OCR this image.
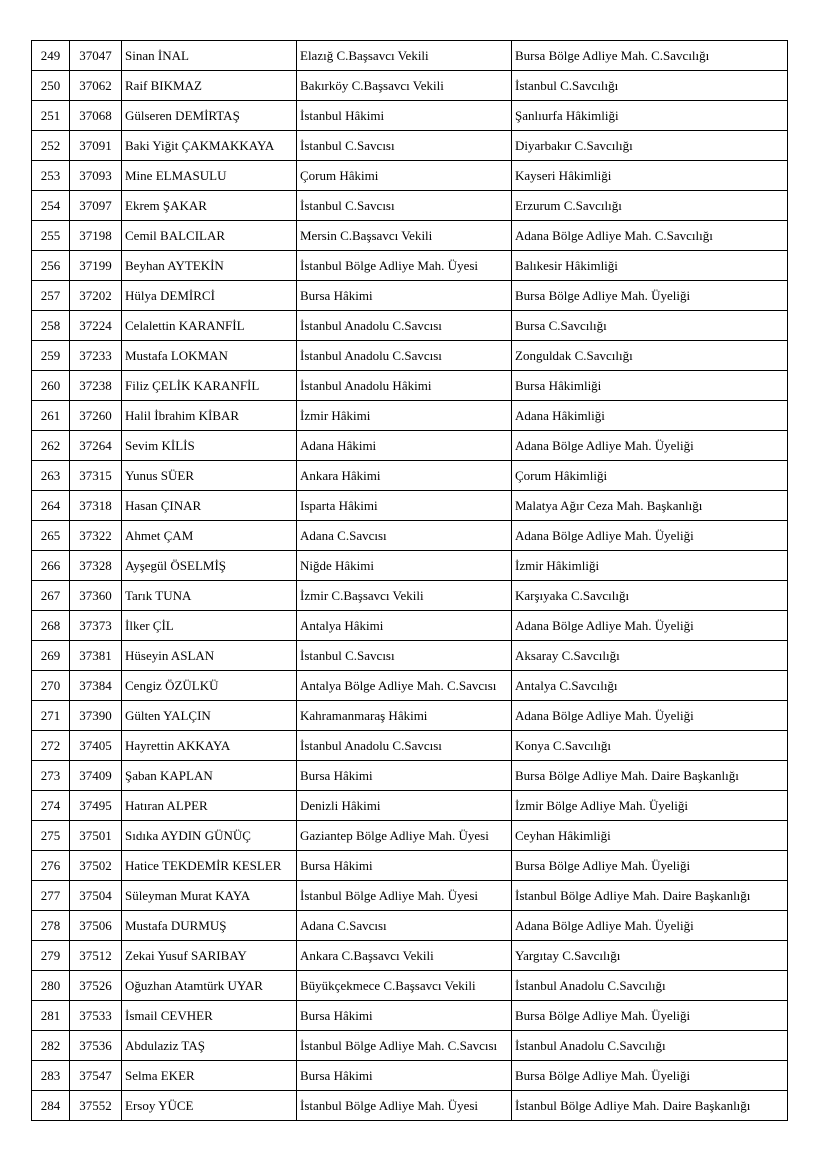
249	37047	Sinan İNAL	Elazığ C.Başsavcı Vekili	Bursa Bölge Adliye Mah. C.Savcılığı
250	37062	Raif BIKMAZ	Bakırköy C.Başsavcı Vekili	İstanbul C.Savcılığı
251	37068	Gülseren DEMİRTAŞ	İstanbul Hâkimi	Şanlıurfa Hâkimliği
252	37091	Baki Yiğit ÇAKMAKKAYA	İstanbul C.Savcısı	Diyarbakır C.Savcılığı
253	37093	Mine ELMASULU	Çorum Hâkimi	Kayseri Hâkimliği
254	37097	Ekrem ŞAKAR	İstanbul C.Savcısı	Erzurum C.Savcılığı
255	37198	Cemil BALCILAR	Mersin C.Başsavcı Vekili	Adana Bölge Adliye Mah. C.Savcılığı
256	37199	Beyhan AYTEKİN	İstanbul Bölge Adliye Mah. Üyesi	Balıkesir Hâkimliği
257	37202	Hülya DEMİRCİ	Bursa Hâkimi	Bursa Bölge Adliye Mah. Üyeliği
258	37224	Celalettin KARANFİL	İstanbul Anadolu C.Savcısı	Bursa C.Savcılığı
259	37233	Mustafa LOKMAN	İstanbul Anadolu C.Savcısı	Zonguldak C.Savcılığı
260	37238	Filiz ÇELİK KARANFİL	İstanbul Anadolu Hâkimi	Bursa Hâkimliği
261	37260	Halil İbrahim KİBAR	İzmir Hâkimi	Adana Hâkimliği
262	37264	Sevim KİLİS	Adana Hâkimi	Adana Bölge Adliye Mah. Üyeliği
263	37315	Yunus SÜER	Ankara Hâkimi	Çorum Hâkimliği
264	37318	Hasan ÇINAR	Isparta Hâkimi	Malatya Ağır Ceza Mah. Başkanlığı
265	37322	Ahmet ÇAM	Adana C.Savcısı	Adana Bölge Adliye Mah. Üyeliği
266	37328	Ayşegül ÖSELMİŞ	Niğde Hâkimi	İzmir Hâkimliği
267	37360	Tarık TUNA	İzmir C.Başsavcı Vekili	Karşıyaka C.Savcılığı
268	37373	İlker ÇİL	Antalya Hâkimi	Adana Bölge Adliye Mah. Üyeliği
269	37381	Hüseyin ASLAN	İstanbul C.Savcısı	Aksaray C.Savcılığı
270	37384	Cengiz ÖZÜLKÜ	Antalya Bölge Adliye Mah. C.Savcısı	Antalya C.Savcılığı
271	37390	Gülten YALÇIN	Kahramanmaraş Hâkimi	Adana Bölge Adliye Mah. Üyeliği
272	37405	Hayrettin AKKAYA	İstanbul Anadolu C.Savcısı	Konya C.Savcılığı
273	37409	Şaban KAPLAN	Bursa Hâkimi	Bursa Bölge Adliye Mah. Daire Başkanlığı
274	37495	Hatıran ALPER	Denizli Hâkimi	İzmir Bölge Adliye Mah. Üyeliği
275	37501	Sıdıka AYDIN GÜNÜÇ	Gaziantep Bölge Adliye Mah. Üyesi	Ceyhan Hâkimliği
276	37502	Hatice TEKDEMİR KESLER	Bursa Hâkimi	Bursa Bölge Adliye Mah. Üyeliği
277	37504	Süleyman Murat KAYA	İstanbul Bölge Adliye Mah. Üyesi	İstanbul Bölge Adliye Mah. Daire Başkanlığı
278	37506	Mustafa DURMUŞ	Adana C.Savcısı	Adana Bölge Adliye Mah. Üyeliği
279	37512	Zekai Yusuf SARIBAY	Ankara C.Başsavcı Vekili	Yargıtay C.Savcılığı
280	37526	Oğuzhan Atamtürk UYAR	Büyükçekmece C.Başsavcı Vekili	İstanbul Anadolu C.Savcılığı
281	37533	İsmail CEVHER	Bursa Hâkimi	Bursa Bölge Adliye Mah. Üyeliği
282	37536	Abdulaziz TAŞ	İstanbul Bölge Adliye Mah. C.Savcısı	İstanbul Anadolu C.Savcılığı
283	37547	Selma EKER	Bursa Hâkimi	Bursa Bölge Adliye Mah. Üyeliği
284	37552	Ersoy YÜCE	İstanbul Bölge Adliye Mah. Üyesi	İstanbul Bölge Adliye Mah. Daire Başkanlığı
